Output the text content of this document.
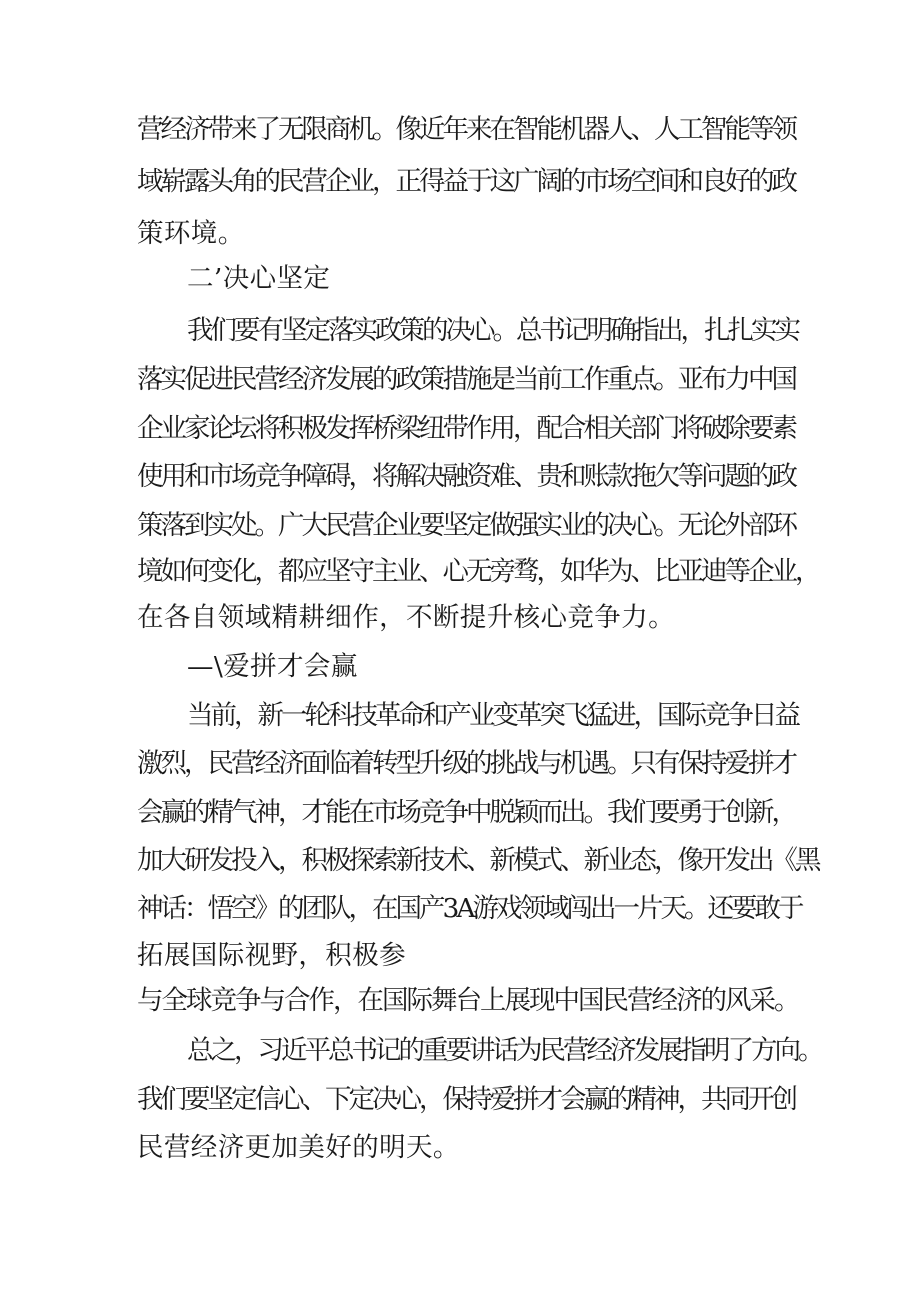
营经济带来了无限商机。像近年来在智能机器人、人工智能等领
域崭露头角的民营企业，正得益于这广阔的市场空间和良好的政
策环境。
二’决心坚定
我们要有坚定落实政策的决心。总书记明确指出，扎扎实实
落实促进民营经济发展的政策措施是当前工作重点。亚布力中国
企业家论坛将积极发挥桥梁纽带作用，配合相关部门将破除要素
使用和市场竞争障碍，将解决融资难、贵和账款拖欠等问题的政
策落到实处。广大民营企业要坚定做强实业的决心。无论外部环
境如何变化，都应坚守主业、心无旁骛，如华为、比亚迪等企业，
在各自领域精耕细作，不断提升核心竞争力。
—\爱拼才会赢
当前，新一轮科技革命和产业变革突飞猛进，国际竞争日益
激烈，民营经济面临着转型升级的挑战与机遇。只有保持爱拼才
会赢的精气神，才能在市场竞争中脱颖而出。我们要勇于创新，
加大研发投入，积极探索新技术、新模式、新业态，像开发出《黑
神话：悟空》的团队，在国产3A游戏领域闯出一片天。还要敢于
拓展国际视野，积极参
与全球竞争与合作，在国际舞台上展现中国民营经济的风采。
总之，习近平总书记的重要讲话为民营经济发展指明了方向。
我们要坚定信心、下定决心，保持爱拼才会赢的精神，共同开创
民营经济更加美好的明天。
